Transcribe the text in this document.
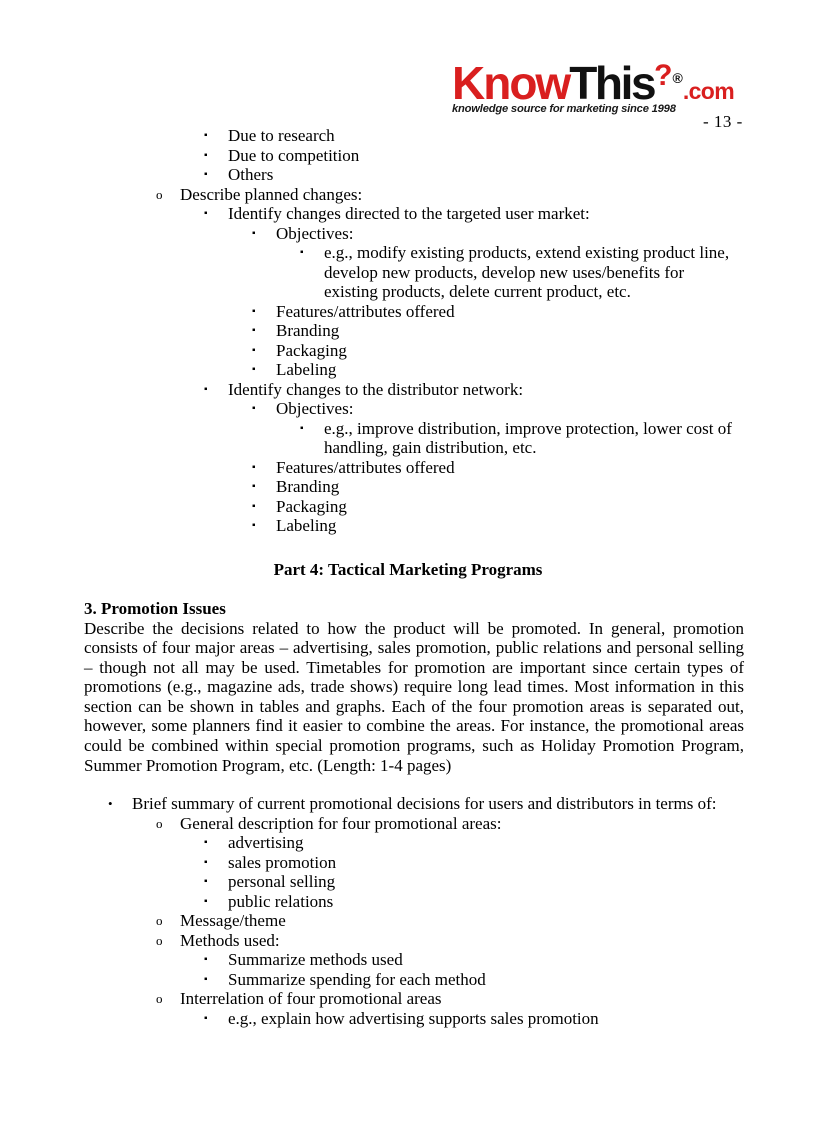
KnowThis?®.com
knowledge source for marketing since 1998
- 13 -
▪	Due to research
▪	Due to competition
▪	Others
o	Describe planned changes:
▪	Identify changes directed to the targeted user market:
▪	Objectives:
▪	e.g., modify existing products, extend existing product line, develop new products, develop new uses/benefits for existing products, delete current product, etc.
▪	Features/attributes offered
▪	Branding
▪	Packaging
▪	Labeling
▪	Identify changes to the distributor network:
▪	Objectives:
▪	e.g., improve distribution, improve protection, lower cost of handling, gain distribution, etc.
▪	Features/attributes offered
▪	Branding
▪	Packaging
▪	Labeling
Part 4: Tactical Marketing Programs
3. Promotion Issues
Describe the decisions related to how the product will be promoted. In general, promotion consists of four major areas – advertising, sales promotion, public relations and personal selling – though not all may be used. Timetables for promotion are important since certain types of promotions (e.g., magazine ads, trade shows) require long lead times. Most information in this section can be shown in tables and graphs. Each of the four promotion areas is separated out, however, some planners find it easier to combine the areas. For instance, the promotional areas could be combined within special promotion programs, such as Holiday Promotion Program, Summer Promotion Program, etc. (Length: 1-4 pages)
•	Brief summary of current promotional decisions for users and distributors in terms of:
o	General description for four promotional areas:
▪	advertising
▪	sales promotion
▪	personal selling
▪	public relations
o	Message/theme
o	Methods used:
▪	Summarize methods used
▪	Summarize spending for each method
o	Interrelation of four promotional areas
▪	e.g., explain how advertising supports sales promotion
